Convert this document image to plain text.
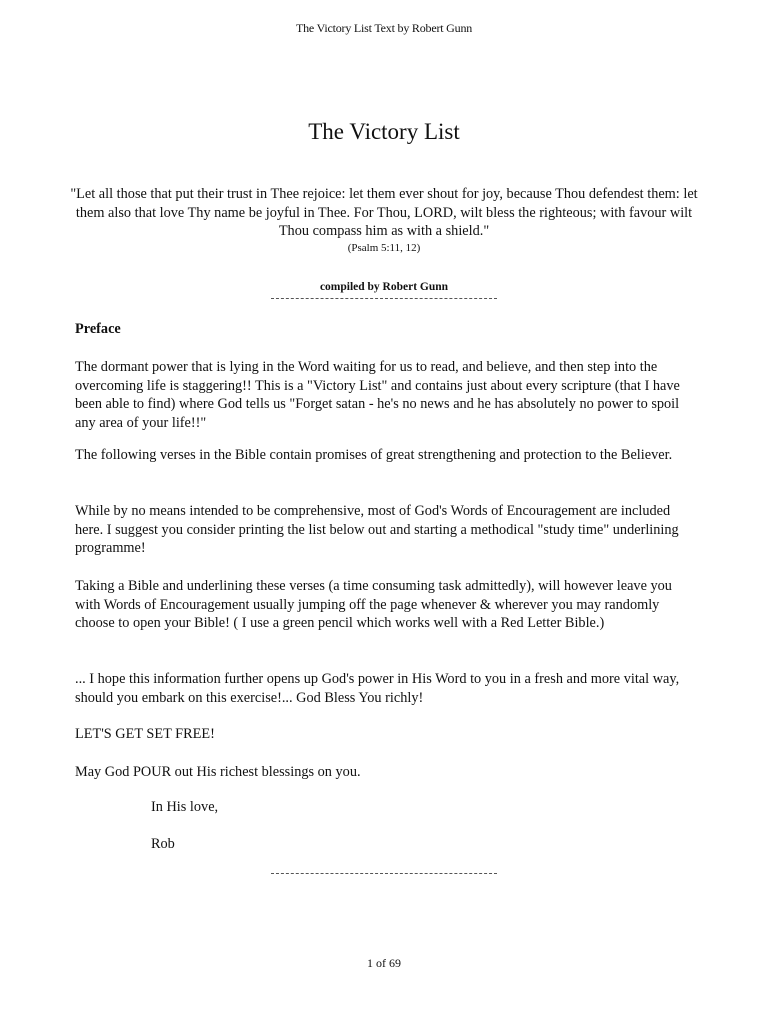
The Victory List Text by Robert Gunn
The Victory List
"Let all those that put their trust in Thee rejoice: let them ever shout for joy, because Thou defendest them: let them also that love Thy name be joyful in Thee. For Thou, LORD, wilt bless the righteous; with favour wilt Thou compass him as with a shield."
(Psalm 5:11, 12)
compiled by Robert Gunn
Preface
The dormant power that is lying in the Word waiting for us to read, and believe, and then step into the overcoming life is staggering!! This is a "Victory List" and contains just about every scripture (that I have been able to find) where God tells us "Forget satan - he's no news and he has absolutely no power to spoil any area of your life!!"
The following verses in the Bible contain promises of great strengthening and protection to the Believer.
While by no means intended to be comprehensive, most of God's Words of Encouragement are included here. I suggest you consider printing the list below out and starting a methodical "study time" underlining programme!
Taking a Bible and underlining these verses (a time consuming task admittedly), will however leave you with Words of Encouragement usually jumping off the page whenever & wherever you may randomly choose to open your Bible! ( I use a green pencil which works well with a Red Letter Bible.)
... I hope this information further opens up God's power in His Word to you in a fresh and more vital way, should you embark on this exercise!... God Bless You richly!
LET'S GET SET FREE!
May God POUR out His richest blessings on you.
In His love,
Rob
1 of 69
